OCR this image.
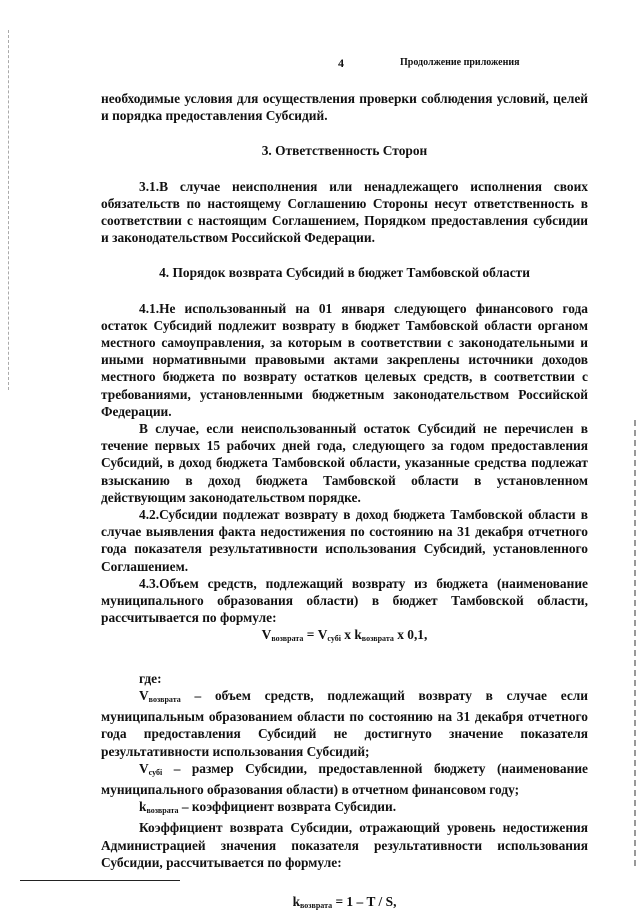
4	Продолжение приложения

необходимые условия для осуществления проверки соблюдения условий, целей и порядка предоставления Субсидий.

3. Ответственность Сторон

3.1.В случае неисполнения или ненадлежащего исполнения своих обязательств по настоящему Соглашению Стороны несут ответственность в соответствии с настоящим Соглашением, Порядком предоставления субсидии и законодательством Российской Федерации.

4. Порядок возврата Субсидий в бюджет Тамбовской области

4.1.Не использованный на 01 января следующего финансового года остаток Субсидий подлежит возврату в бюджет Тамбовской области органом местного самоуправления, за которым в соответствии с законодательными и иными нормативными правовыми актами закреплены источники доходов местного бюджета по возврату остатков целевых средств, в соответствии с требованиями, установленными бюджетным законодательством Российской Федерации.

В случае, если неиспользованный остаток Субсидий не перечислен в течение первых 15 рабочих дней года, следующего за годом предоставления Субсидий, в доход бюджета Тамбовской области, указанные средства подлежат взысканию в доход бюджета Тамбовской области в установленном действующим законодательством порядке.

4.2.Субсидии подлежат возврату в доход бюджета Тамбовской области в случае выявления факта недостижения по состоянию на 31 декабря отчетного года показателя результативности использования Субсидий, установленного Соглашением.

4.3.Объем средств, подлежащий возврату из бюджета (наименование муниципального образования области) в бюджет Тамбовской области, рассчитывается по формуле:

$V_{возврата} = V_{субi}$ x $k_{возврата}$ x 0,1,

где:

$V_{возврата}$ – объем средств, подлежащий возврату в случае если муниципальным образованием области по состоянию на 31 декабря отчетного года предоставления Субсидий не достигнуто значение показателя результативности использования Субсидий;

$V_{субi}$ – размер Субсидии, предоставленной бюджету (наименование муниципального образования области) в отчетном финансовом году;

$k_{возврата}$ – коэффициент возврата Субсидии.

Коэффициент возврата Субсидии, отражающий уровень недостижения Администрацией значения показателя результативности использования Субсидии, рассчитывается по формуле:

$k_{возврата} = 1 - T / S$,
